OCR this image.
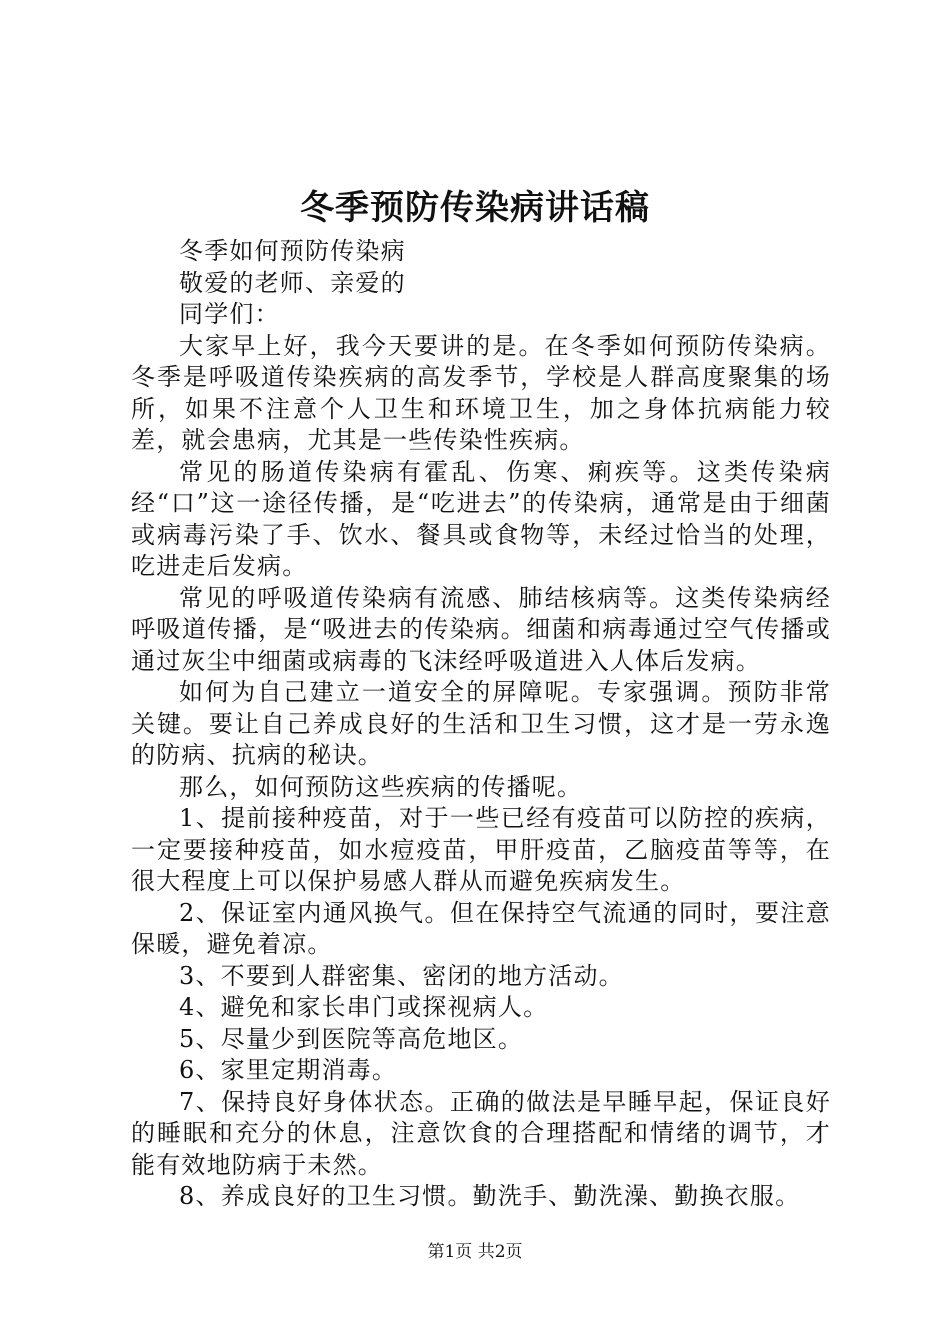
冬季预防传染病讲话稿

冬季如何预防传染病

敬爱的老师、亲爱的

同学们：

大家早上好，我今天要讲的是。在冬季如何预防传染病。冬季是呼吸道传染疾病的高发季节，学校是人群高度聚集的场所，如果不注意个人卫生和环境卫生，加之身体抗病能力较差，就会患病，尤其是一些传染性疾病。

常见的肠道传染病有霍乱、伤寒、痢疾等。这类传染病经“口”这一途径传播，是“吃进去”的传染病，通常是由于细菌或病毒污染了手、饮水、餐具或食物等，未经过恰当的处理，吃进走后发病。

常见的呼吸道传染病有流感、肺结核病等。这类传染病经呼吸道传播，是“吸进去的传染病。细菌和病毒通过空气传播或通过灰尘中细菌或病毒的飞沫经呼吸道进入人体后发病。

如何为自己建立一道安全的屏障呢。专家强调。预防非常关键。要让自己养成良好的生活和卫生习惯，这才是一劳永逸的防病、抗病的秘诀。

那么，如何预防这些疾病的传播呢。

1、提前接种疫苗，对于一些已经有疫苗可以防控的疾病，一定要接种疫苗，如水痘疫苗，甲肝疫苗，乙脑疫苗等等，在很大程度上可以保护易感人群从而避免疾病发生。

2、保证室内通风换气。但在保持空气流通的同时，要注意保暖，避免着凉。

3、不要到人群密集、密闭的地方活动。

4、避免和家长串门或探视病人。

5、尽量少到医院等高危地区。

6、家里定期消毒。

7、保持良好身体状态。正确的做法是早睡早起，保证良好的睡眠和充分的休息，注意饮食的合理搭配和情绪的调节，才能有效地防病于未然。

8、养成良好的卫生习惯。勤洗手、勤洗澡、勤换衣服。

第1页 共2页
